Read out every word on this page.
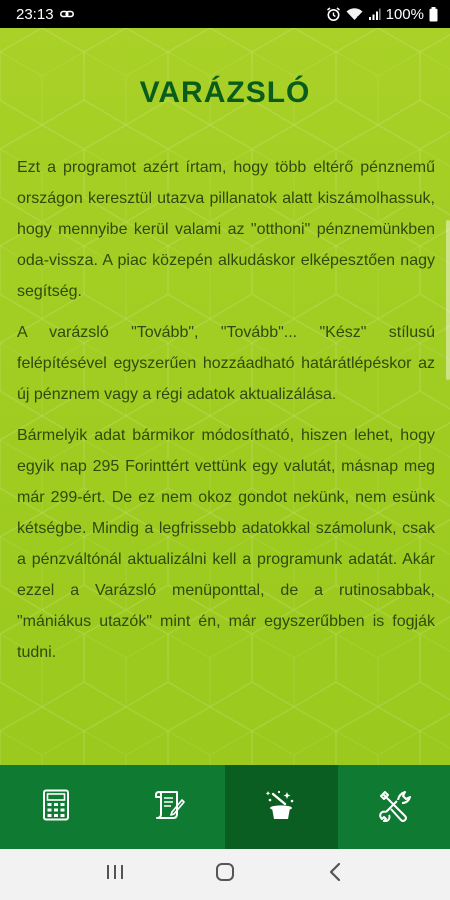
23:13	100%
VARÁZSLÓ

Ezt a programot azért írtam, hogy több eltérő pénznemű országon keresztül utazva pillanatok alatt kiszámolhassuk, hogy mennyibe kerül valami az "otthoni" pénznemünkben oda-vissza. A piac közepén alkudáskor elképesztően nagy segítség.

A varázsló "Tovább", "Tovább"... "Kész" stílusú felépítésével egyszerűen hozzáadható határátlépéskor az új pénznem vagy a régi adatok aktualizálása.

Bármelyik adat bármikor módosítható, hiszen lehet, hogy egyik nap 295 Forinttért vettünk egy valutát, másnap meg már 299-ért. De ez nem okoz gondot nekünk, nem esünk kétségbe. Mindig a legfrissebb adatokkal számolunk, csak a pénzváltónál aktualizálni kell a programunk adatát. Akár ezzel a Varázsló menüponttal, de a rutinosabbak, "mániákus utazók" mint én, már egyszerűbben is fogják tudni.
